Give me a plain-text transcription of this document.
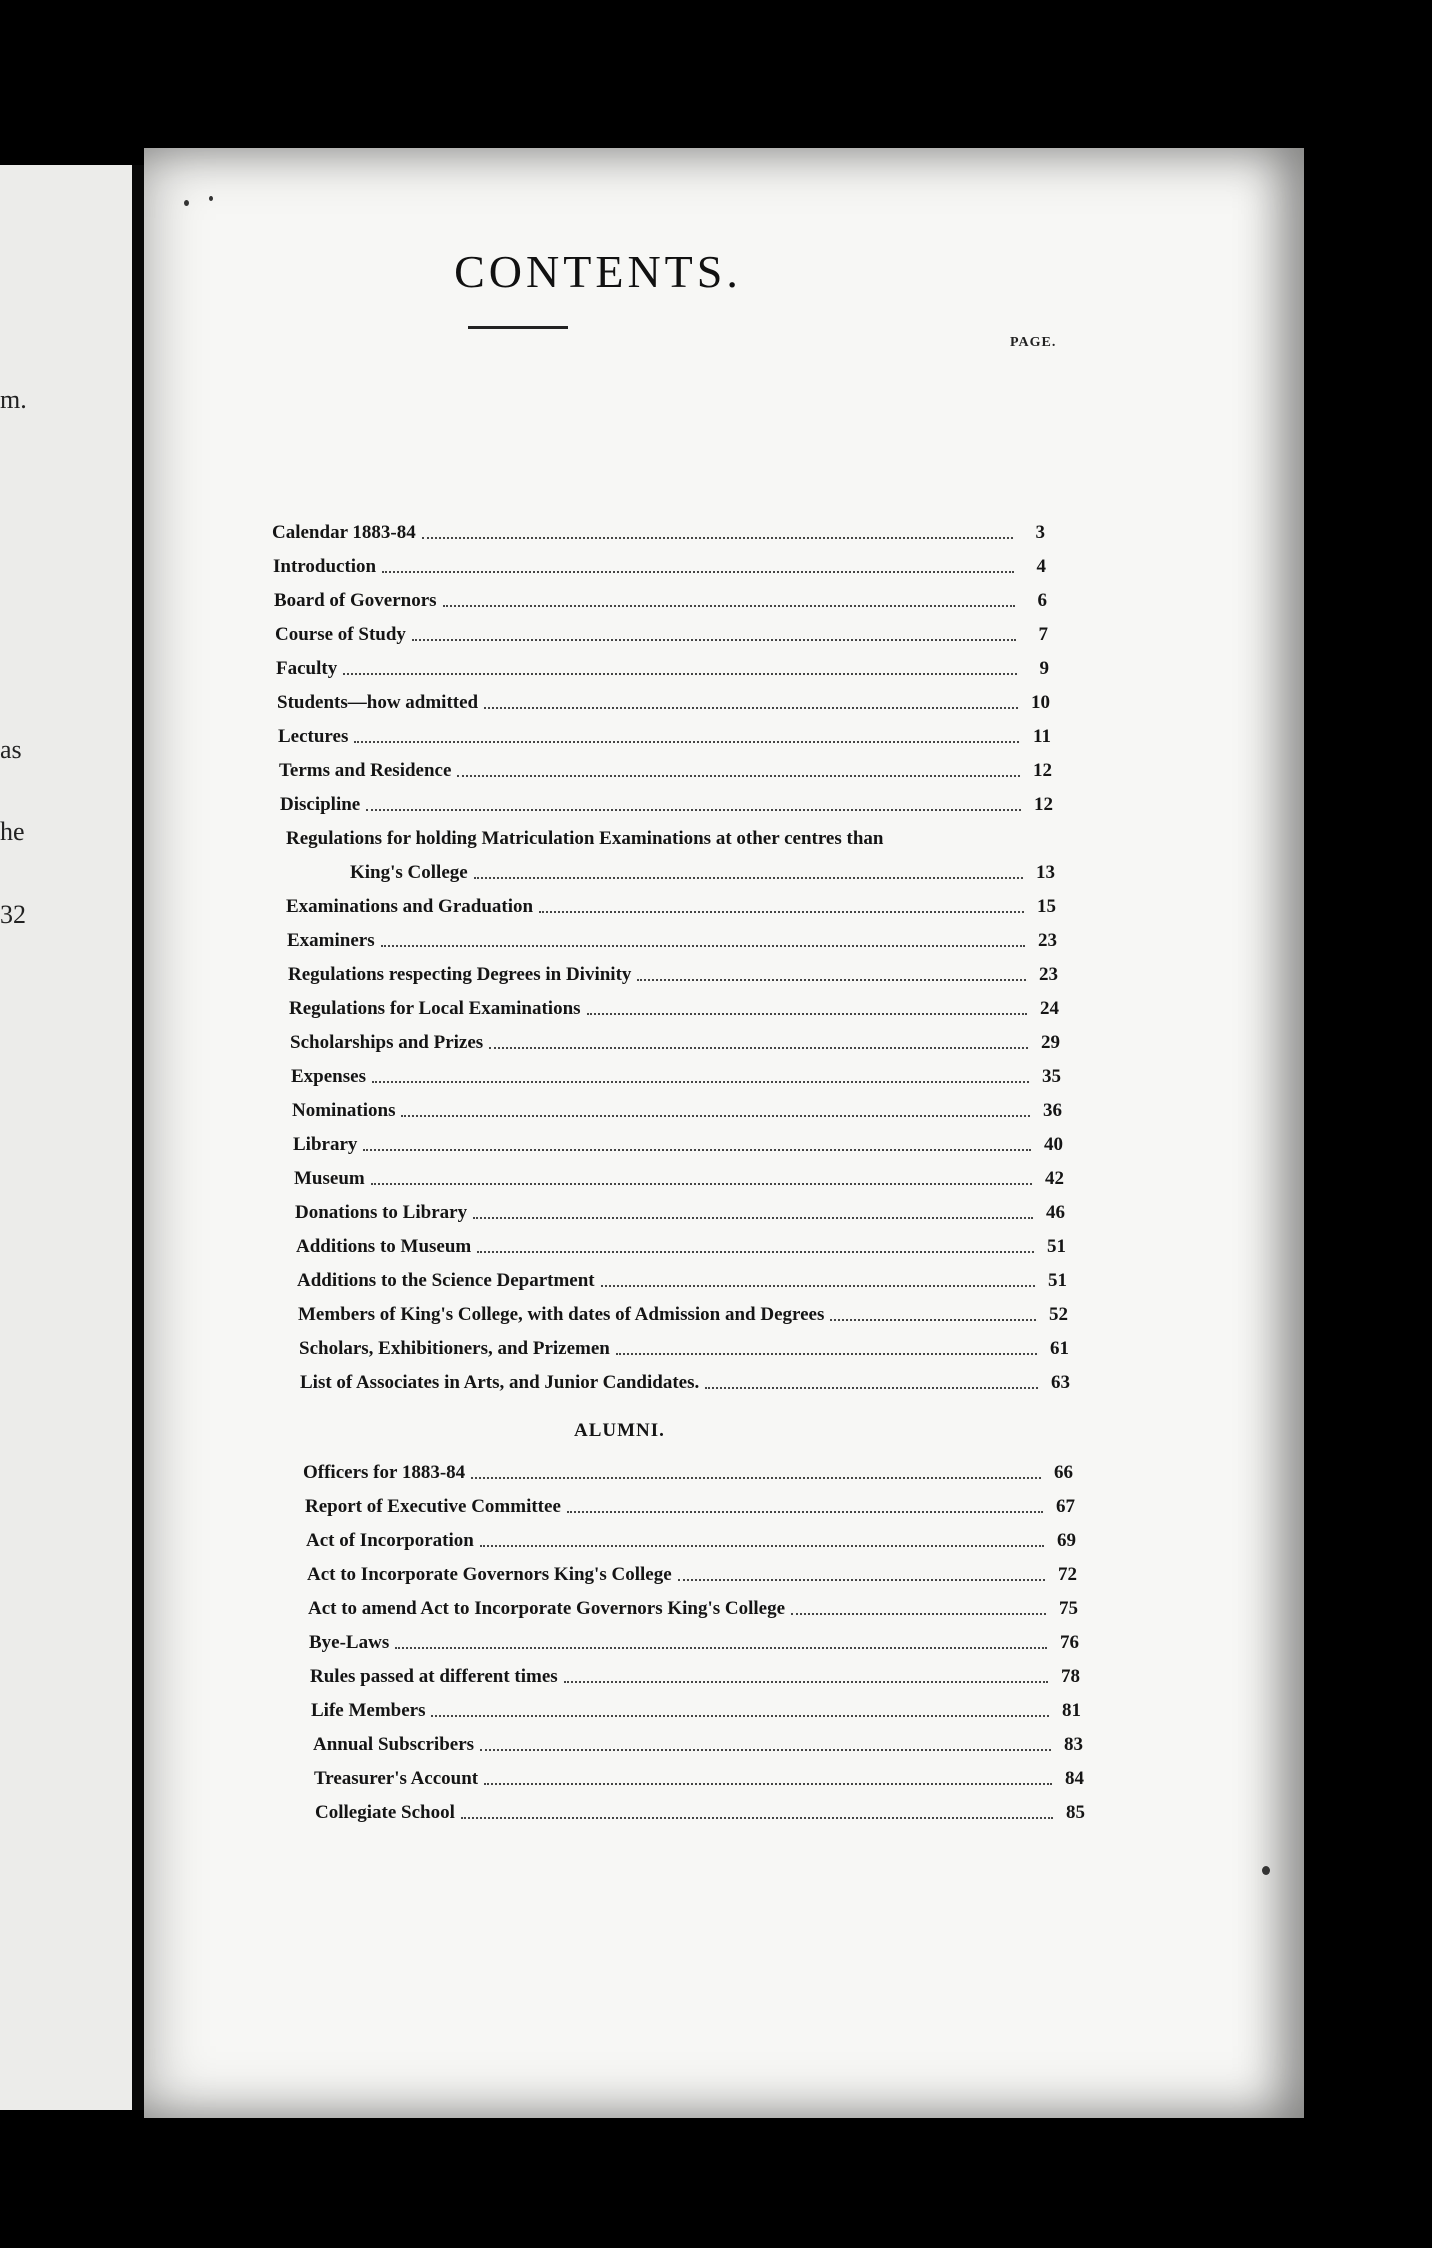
m.
as
he
32
CONTENTS.
PAGE.
Calendar 1883-84	3
Introduction	4
Board of Governors	6
Course of Study	7
Faculty	9
Students—how admitted	10
Lectures	11
Terms and Residence	12
Discipline	12
Regulations for holding Matriculation Examinations at other centres than
King's College	13
Examinations and Graduation	15
Examiners	23
Regulations respecting Degrees in Divinity	23
Regulations for Local Examinations	24
Scholarships and Prizes	29
Expenses	35
Nominations	36
Library	40
Museum	42
Donations to Library	46
Additions to Museum	51
Additions to the Science Department	51
Members of King's College, with dates of Admission and Degrees	52
Scholars, Exhibitioners, and Prizemen	61
List of Associates in Arts, and Junior Candidates.	63
ALUMNI.
Officers for 1883-84	66
Report of Executive Committee	67
Act of Incorporation	69
Act to Incorporate Governors King's College	72
Act to amend Act to Incorporate Governors King's College	75
Bye-Laws	76
Rules passed at different times	78
Life Members	81
Annual Subscribers	83
Treasurer's Account	84
Collegiate School	85
